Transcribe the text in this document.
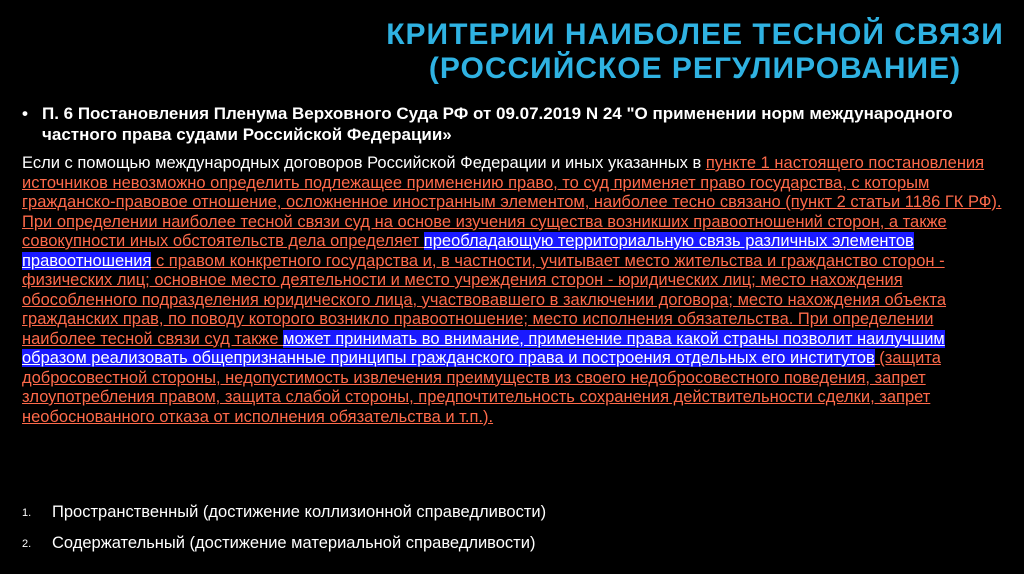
КРИТЕРИИ НАИБОЛЕЕ ТЕСНОЙ СВЯЗИ
(РОССИЙСКОЕ РЕГУЛИРОВАНИЕ)
• П. 6 Постановления Пленума Верховного Суда РФ от 09.07.2019 N 24 "О применении норм международного частного права судами Российской Федерации»
Если с помощью международных договоров Российской Федерации и иных указанных в пункте 1 настоящего постановления источников невозможно определить подлежащее применению право, то суд применяет право государства, с которым гражданско-правовое отношение, осложненное иностранным элементом, наиболее тесно связано (пункт 2 статьи 1186 ГК РФ). При определении наиболее тесной связи суд на основе изучения существа возникших правоотношений сторон, а также совокупности иных обстоятельств дела определяет преобладающую территориальную связь различных элементов правоотношения с правом конкретного государства и, в частности, учитывает место жительства и гражданство сторон - физических лиц; основное место деятельности и место учреждения сторон - юридических лиц; место нахождения обособленного подразделения юридического лица, участвовавшего в заключении договора; место нахождения объекта гражданских прав, по поводу которого возникло правоотношение; место исполнения обязательства. При определении наиболее тесной связи суд также может принимать во внимание, применение права какой страны позволит наилучшим образом реализовать общепризнанные принципы гражданского права и построения отдельных его институтов (защита добросовестной стороны, недопустимость извлечения преимуществ из своего недобросовестного поведения, запрет злоупотребления правом, защита слабой стороны, предпочтительность сохранения действительности сделки, запрет необоснованного отказа от исполнения обязательства и т.п.).
1. Пространственный (достижение коллизионной справедливости)
2. Содержательный (достижение материальной справедливости)
